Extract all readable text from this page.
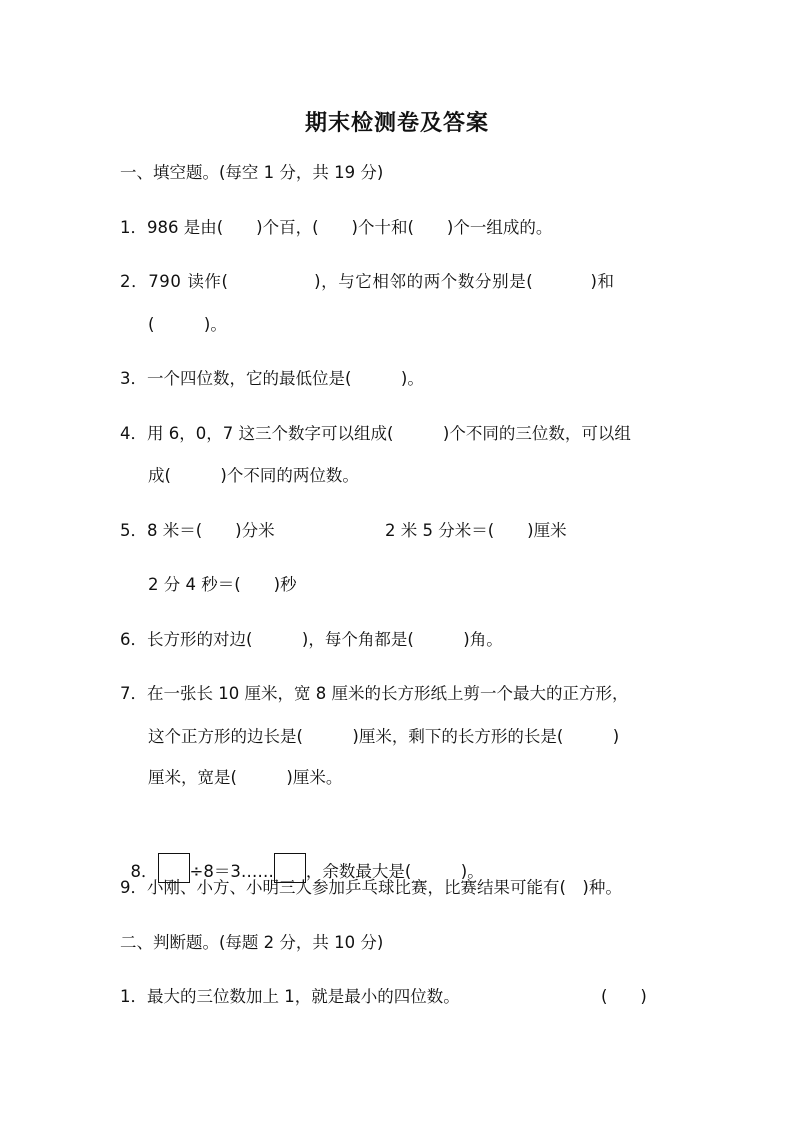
期末检测卷及答案
一、填空题。(每空 1 分，共 19 分)
1．986 是由(　　)个百，(　　)个十和(　　)个一组成的。
2．790 读作(　　　　　)，与它相邻的两个数分别是(　　　 )和
(　　　)。
3．一个四位数，它的最低位是(　　　)。
4．用 6，0，7 这三个数字可以组成(　　　)个不同的三位数，可以组
成(　　　)个不同的两位数。
5．8 米＝(　　)分米	2 米 5 分米＝(　　)厘米
2 分 4 秒＝(　　)秒
6．长方形的对边(　　　)，每个角都是(　　　)角。
7．在一张长 10 厘米，宽 8 厘米的长方形纸上剪一个最大的正方形，
这个正方形的边长是(　　　)厘米，剩下的长方形的长是(　　　)
厘米，宽是(　　　)厘米。

8． ÷8＝3…… ，余数最大是(　　　)。

9．小刚、小方、小明三人参加乒乓球比赛，比赛结果可能有(　)种。
二、判断题。(每题 2 分，共 10 分)
1．最大的三位数加上 1，就是最小的四位数。	(　　)
